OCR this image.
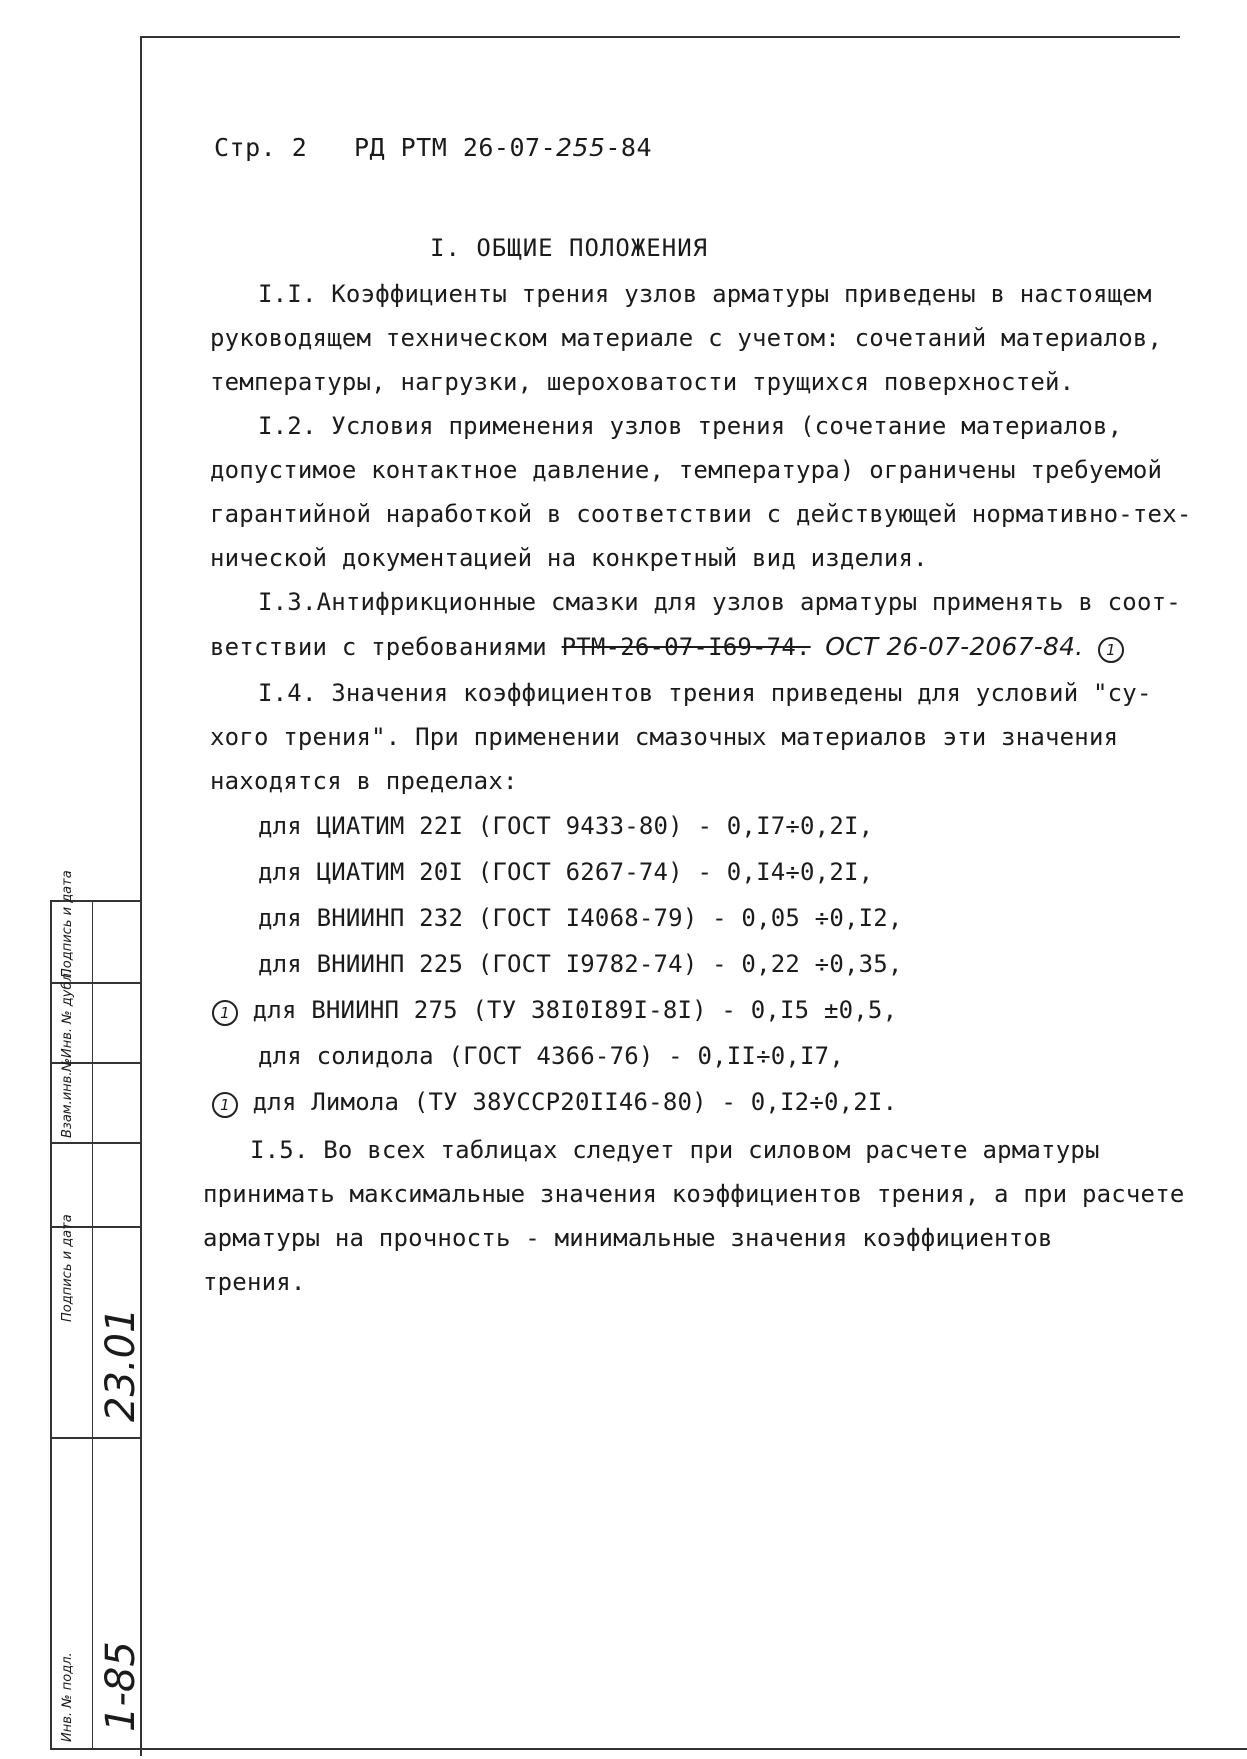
Стр. 2 РД РТМ 26-07-255-84
I. ОБЩИЕ ПОЛОЖЕНИЯ
I.I. Коэффициенты трения узлов арматуры приведены в настоящем
руководящем техническом материале с учетом: сочетаний материалов,
температуры, нагрузки, шероховатости трущихся поверхностей.
I.2. Условия применения узлов трения (сочетание материалов,
допустимое контактное давление, температура) ограничены требуемой
гарантийной наработкой в соответствии с действующей нормативно-тех-
нической документацией на конкретный вид изделия.
I.3.Антифрикционные смазки для узлов арматуры применять в соот-
ветствии с требованиями РТМ-26-07-I69-74. ОСТ 26-07-2067-84. 1
I.4. Значения коэффициентов трения приведены для условий "су-
хого трения". При применении смазочных материалов эти значения
находятся в пределах:
для ЦИАТИМ 22I (ГОСТ 9433-80) - 0,I7÷0,2I,
для ЦИАТИМ 20I (ГОСТ 6267-74) - 0,I4÷0,2I,
для ВНИИНП 232 (ГОСТ I4068-79) - 0,05 ÷0,I2,
для ВНИИНП 225 (ГОСТ I9782-74) - 0,22 ÷0,35,
1 для ВНИИНП 275 (ТУ 38I0I89I-8I) - 0,I5 ±0,5,
для солидола (ГОСТ 4366-76) - 0,II÷0,I7,
1 для Лимола (ТУ 38УССР20II46-80) - 0,I2÷0,2I.
I.5. Во всех таблицах следует при силовом расчете арматуры
принимать максимальные значения коэффициентов трения, а при расчете
арматуры на прочность - минимальные значения коэффициентов
трения.
Подпись и дата
Инв. № дубл.
Взам.инв.№
Подпись и дата
Инв. № подл.
23.01
1-85
